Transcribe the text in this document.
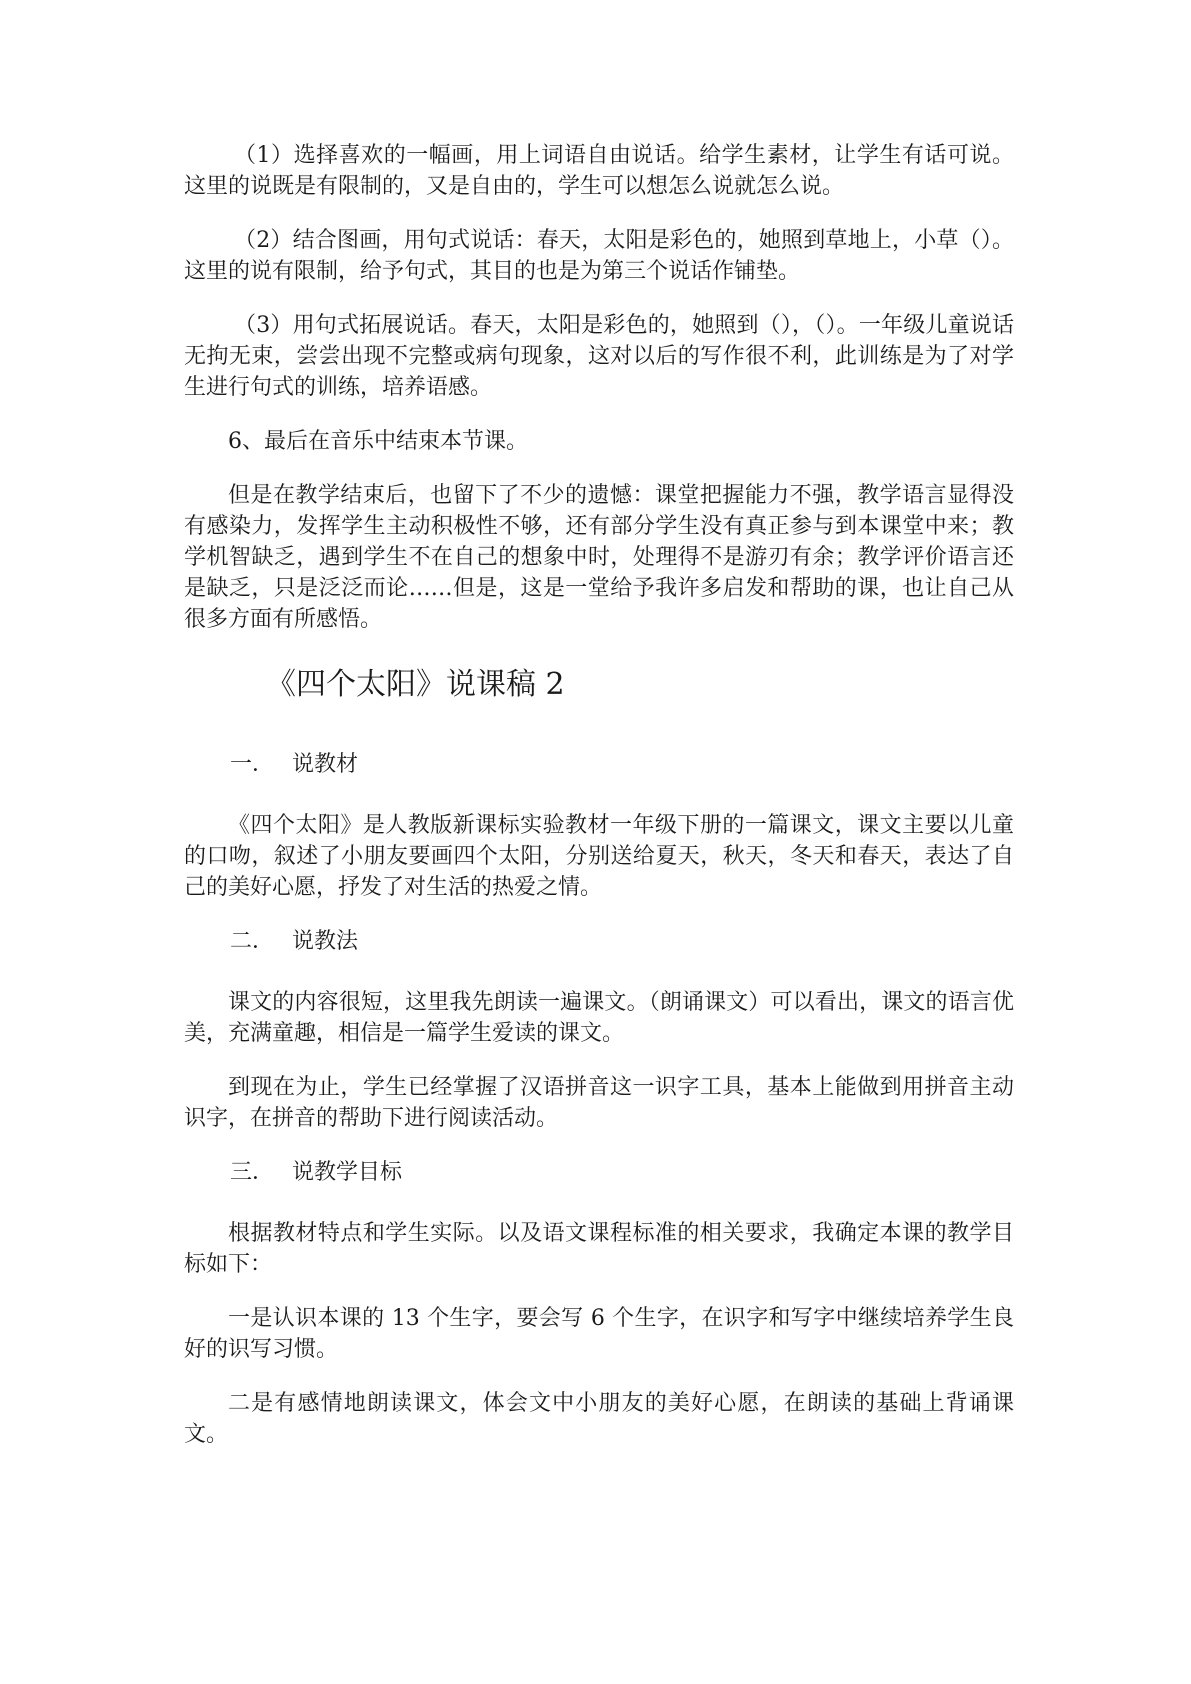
（1）选择喜欢的一幅画，用上词语自由说话。给学生素材，让学生有话可说。这里的说既是有限制的，又是自由的，学生可以想怎么说就怎么说。

（2）结合图画，用句式说话：春天，太阳是彩色的，她照到草地上，小草（）。这里的说有限制，给予句式，其目的也是为第三个说话作铺垫。

（3）用句式拓展说话。春天，太阳是彩色的，她照到（），（）。一年级儿童说话无拘无束，尝尝出现不完整或病句现象，这对以后的写作很不利，此训练是为了对学生进行句式的训练，培养语感。

6、最后在音乐中结束本节课。

但是在教学结束后，也留下了不少的遗憾：课堂把握能力不强，教学语言显得没有感染力，发挥学生主动积极性不够，还有部分学生没有真正参与到本课堂中来；教学机智缺乏，遇到学生不在自己的想象中时，处理得不是游刃有余；教学评价语言还是缺乏，只是泛泛而论……但是，这是一堂给予我许多启发和帮助的课，也让自己从很多方面有所感悟。

《四个太阳》说课稿 2
一． 说教材

《四个太阳》是人教版新课标实验教材一年级下册的一篇课文，课文主要以儿童的口吻，叙述了小朋友要画四个太阳，分别送给夏天，秋天，冬天和春天，表达了自己的美好心愿，抒发了对生活的热爱之情。

二． 说教法

课文的内容很短，这里我先朗读一遍课文。（朗诵课文）可以看出，课文的语言优美，充满童趣，相信是一篇学生爱读的课文。

到现在为止，学生已经掌握了汉语拼音这一识字工具，基本上能做到用拼音主动识字，在拼音的帮助下进行阅读活动。

三． 说教学目标

根据教材特点和学生实际。以及语文课程标准的相关要求，我确定本课的教学目标如下：

一是认识本课的 13 个生字，要会写 6 个生字，在识字和写字中继续培养学生良好的识写习惯。

二是有感情地朗读课文，体会文中小朋友的美好心愿，在朗读的基础上背诵课文。
